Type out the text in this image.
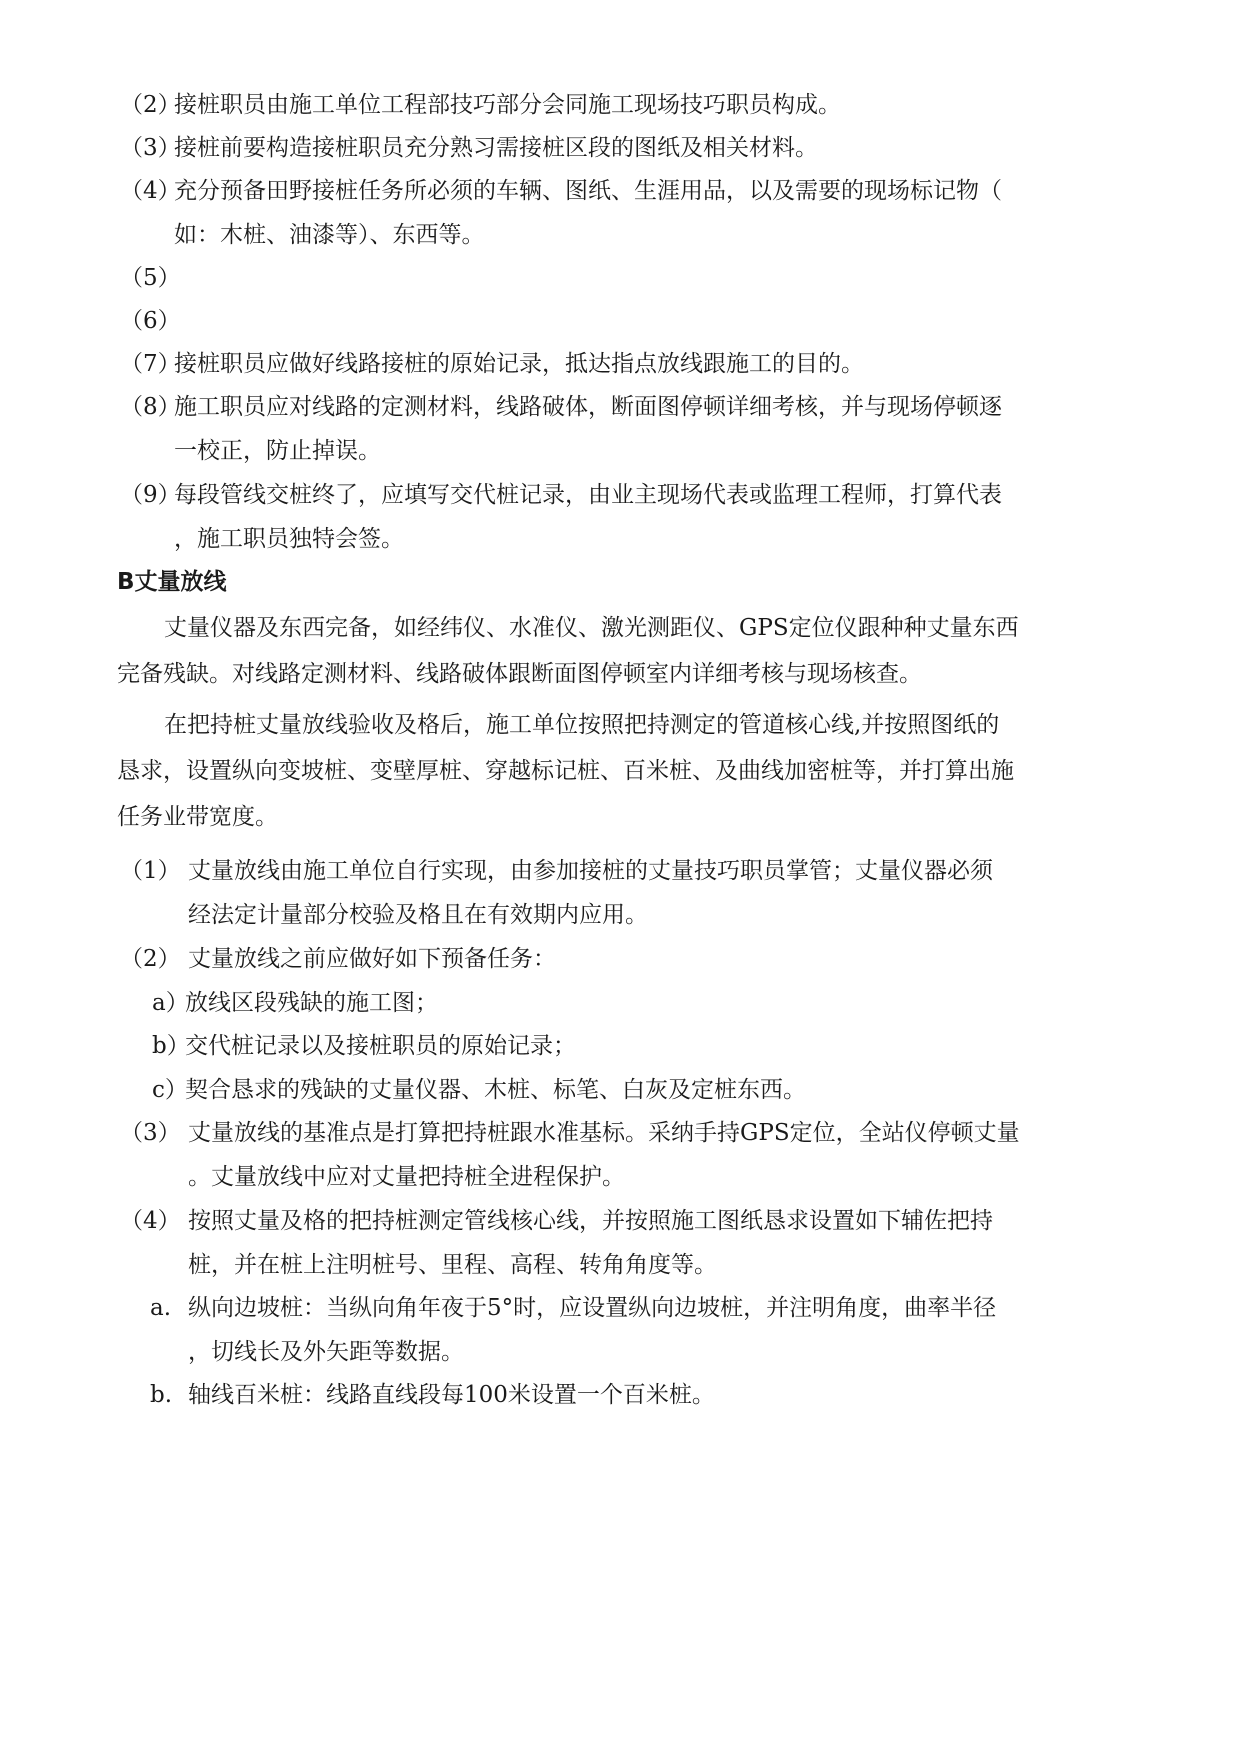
（2）
接桩职员由施工单位工程部技巧部分会同施工现场技巧职员构成。
（3）
接桩前要构造接桩职员充分熟习需接桩区段的图纸及相关材料。
（4）
充分预备田野接桩任务所必须的车辆、图纸、生涯用品，以及需要的现场标记物（
如：木桩、油漆等）、东西等。
（5）
（6）
（7）
接桩职员应做好线路接桩的原始记录，抵达指点放线跟施工的目的。
（8）
施工职员应对线路的定测材料，线路破体，断面图停顿详细考核，并与现场停顿逐
一校正，防止掉误。
（9）
每段管线交桩终了，应填写交代桩记录，由业主现场代表或监理工程师，打算代表
，施工职员独特会签。
B丈量放线
丈量仪器及东西完备，如经纬仪、水准仪、激光测距仪、GPS定位仪跟种种丈量东西
完备残缺。对线路定测材料、线路破体跟断面图停顿室内详细考核与现场核查。
在把持桩丈量放线验收及格后，施工单位按照把持测定的管道核心线,并按照图纸的
恳求，设置纵向变坡桩、变壁厚桩、穿越标记桩、百米桩、及曲线加密桩等，并打算出施
任务业带宽度。
（1） 丈量放线由施工单位自行实现，由参加接桩的丈量技巧职员掌管；丈量仪器必须
经法定计量部分校验及格且在有效期内应用。
（2） 丈量放线之前应做好如下预备任务：
a）
放线区段残缺的施工图；
b）
交代桩记录以及接桩职员的原始记录；
c）
契合恳求的残缺的丈量仪器、木桩、标笔、白灰及定桩东西。
（3） 丈量放线的基准点是打算把持桩跟水准基标。采纳手持GPS定位，全站仪停顿丈量
。丈量放线中应对丈量把持桩全进程保护。
（4） 按照丈量及格的把持桩测定管线核心线，并按照施工图纸恳求设置如下辅佐把持
桩，并在桩上注明桩号、里程、高程、转角角度等。
a. 纵向边坡桩：当纵向角年夜于5°时，应设置纵向边坡桩，并注明角度，曲率半径
，切线长及外矢距等数据。
b. 轴线百米桩：线路直线段每100米设置一个百米桩。
